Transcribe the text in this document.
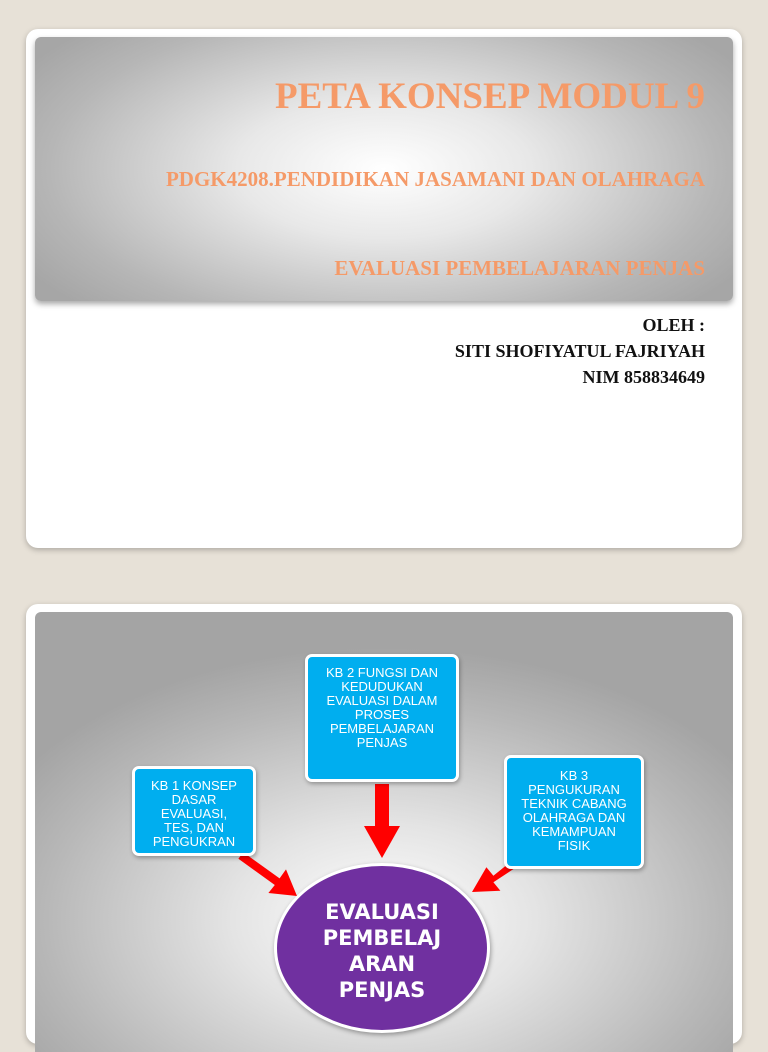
PETA KONSEP MODUL 9
PDGK4208.PENDIDIKAN JASAMANI DAN OLAHRAGA
EVALUASI PEMBELAJARAN PENJAS
OLEH :
SITI SHOFIYATUL FAJRIYAH
NIM 858834649
KB 1 KONSEP
DASAR
EVALUASI,
TES, DAN
PENGUKRAN
KB 2 FUNGSI DAN
KEDUDUKAN
EVALUASI DALAM
PROSES
PEMBELAJARAN
PENJAS
KB 3
PENGUKURAN
TEKNIK CABANG
OLAHRAGA DAN
KEMAMPUAN
FISIK
EVALUASI
PEMBELAJ
ARAN
PENJAS
